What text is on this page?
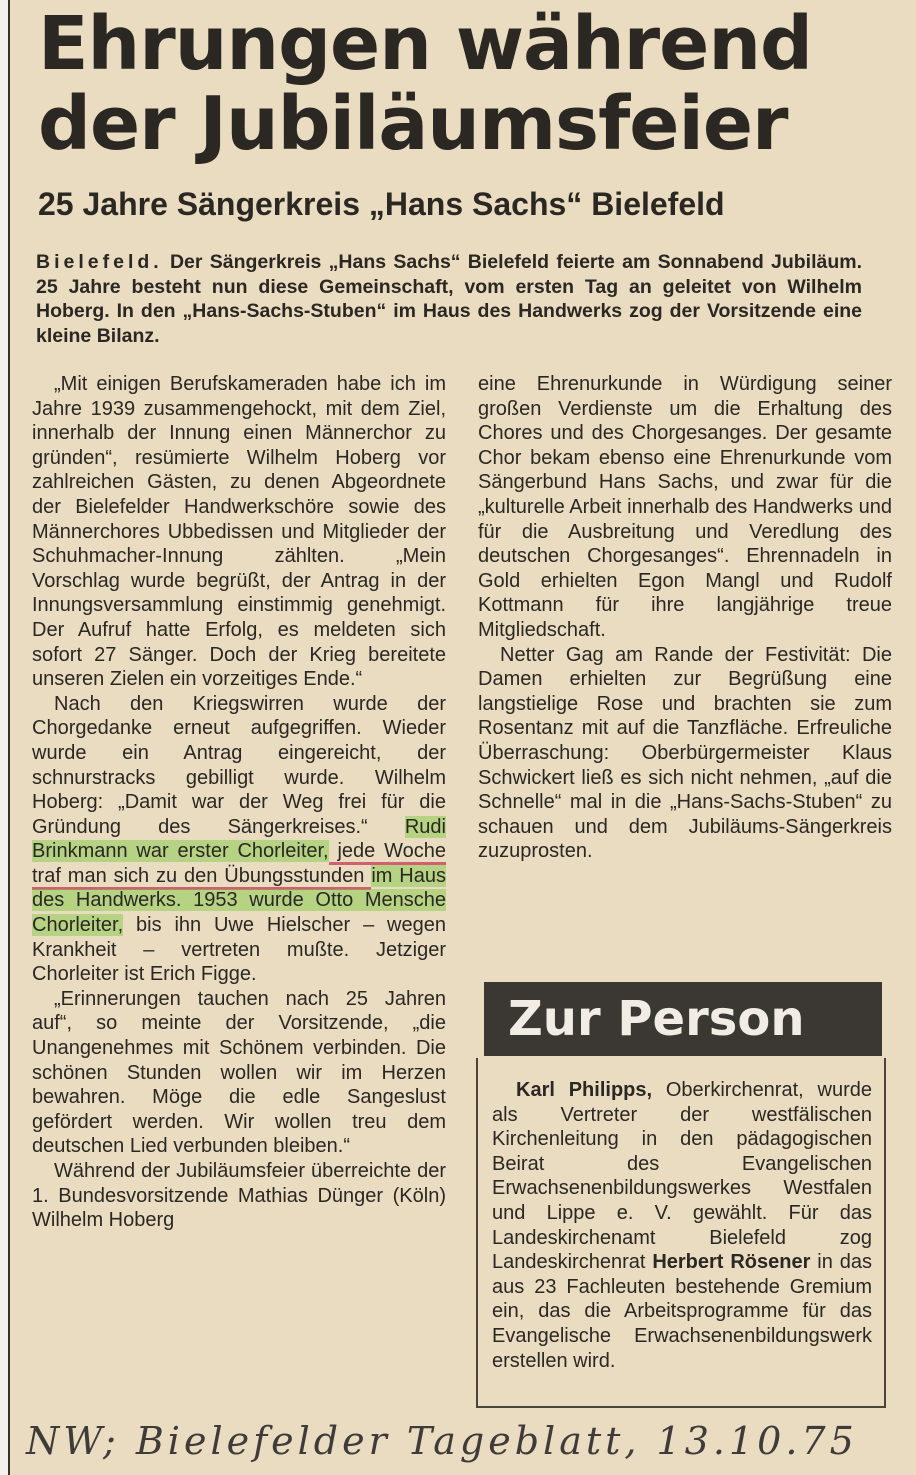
Ehrungen während der Jubiläumsfeier
25 Jahre Sängerkreis „Hans Sachs“ Bielefeld
Bielefeld. Der Sängerkreis „Hans Sachs“ Bielefeld feierte am Sonnabend Jubiläum. 25 Jahre besteht nun diese Gemeinschaft, vom ersten Tag an geleitet von Wilhelm Hoberg. In den „Hans-Sachs-Stuben“ im Haus des Handwerks zog der Vorsitzende eine kleine Bilanz.

„Mit einigen Berufskameraden habe ich im Jahre 1939 zusammengehockt, mit dem Ziel, innerhalb der Innung einen Männerchor zu gründen“, resümierte Wilhelm Hoberg vor zahlreichen Gästen, zu denen Abgeordnete der Bielefelder Handwerkschöre sowie des Männerchores Ubbedissen und Mitglieder der Schuhmacher-Innung zählten. „Mein Vorschlag wurde begrüßt, der Antrag in der Innungsversammlung einstimmig genehmigt. Der Aufruf hatte Erfolg, es meldeten sich sofort 27 Sänger. Doch der Krieg bereitete unseren Zielen ein vorzeitiges Ende.“

Nach den Kriegswirren wurde der Chorgedanke erneut aufgegriffen. Wieder wurde ein Antrag eingereicht, der schnurstracks gebilligt wurde. Wilhelm Hoberg: „Damit war der Weg frei für die Gründung des Sängerkreises.“ Rudi Brinkmann war erster Chorleiter, jede Woche traf man sich zu den Übungsstunden im Haus des Handwerks. 1953 wurde Otto Mensche Chorleiter, bis ihn Uwe Hielscher – wegen Krankheit – vertreten mußte. Jetziger Chorleiter ist Erich Figge.

„Erinnerungen tauchen nach 25 Jahren auf“, so meinte der Vorsitzende, „die Unangenehmes mit Schönem verbinden. Die schönen Stunden wollen wir im Herzen bewahren. Möge die edle Sangeslust gefördert werden. Wir wollen treu dem deutschen Lied verbunden bleiben.“

Während der Jubiläumsfeier überreichte der 1. Bundesvorsitzende Mathias Dünger (Köln) Wilhelm Hoberg

eine Ehrenurkunde in Würdigung seiner großen Verdienste um die Erhaltung des Chores und des Chorgesanges. Der gesamte Chor bekam ebenso eine Ehrenurkunde vom Sängerbund Hans Sachs, und zwar für die „kulturelle Arbeit innerhalb des Handwerks und für die Ausbreitung und Veredlung des deutschen Chorgesanges“. Ehrennadeln in Gold erhielten Egon Mangl und Rudolf Kottmann für ihre langjährige treue Mitgliedschaft.

Netter Gag am Rande der Festivität: Die Damen erhielten zur Begrüßung eine langstielige Rose und brachten sie zum Rosentanz mit auf die Tanzfläche. Erfreuliche Überraschung: Oberbürgermeister Klaus Schwickert ließ es sich nicht nehmen, „auf die Schnelle“ mal in die „Hans-Sachs-Stuben“ zu schauen und dem Jubiläums-Sängerkreis zuzuprosten.

Zur Person

Karl Philipps, Oberkirchenrat, wurde als Vertreter der westfälischen Kirchenleitung in den pädagogischen Beirat des Evangelischen Erwachsenenbildungswerkes Westfalen und Lippe e. V. gewählt. Für das Landeskirchenamt Bielefeld zog Landeskirchenrat Herbert Rösener in das aus 23 Fachleuten bestehende Gremium ein, das die Arbeitsprogramme für das Evangelische Erwachsenenbildungswerk erstellen wird.

NW; Bielefelder Tageblatt, 13.10.75
